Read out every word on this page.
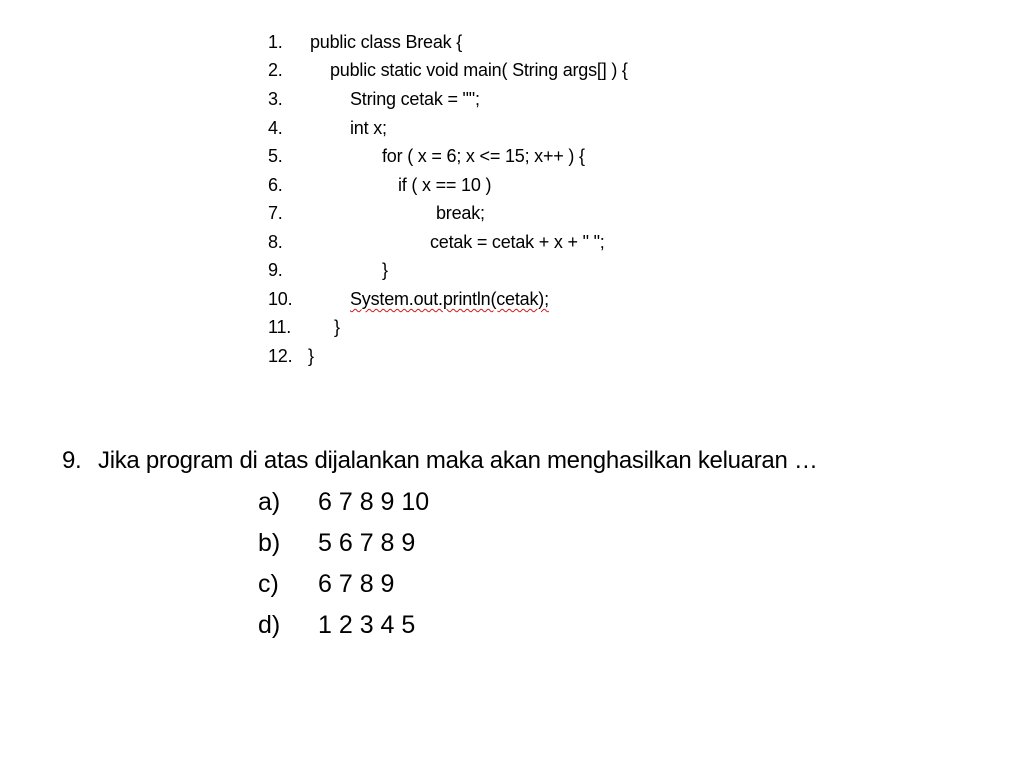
1.

	public class Break {

2.

	public static void main( String args[] ) {

3.

	String cetak = "";

4.

	int x;

5.

	for ( x = 6; x <= 15; x++ ) {

6.

	if ( x == 10 )

7.

	break;

8.

	cetak = cetak + x + " ";

9.

	}

10.

	System.out.println(cetak);

11.

	}

12.

}

9. Jika program di atas dijalankan maka akan menghasilkan keluaran …
a)	6 7 8 9 10
b)	5 6 7 8 9
c)	6 7 8 9
d)	1 2 3 4 5
